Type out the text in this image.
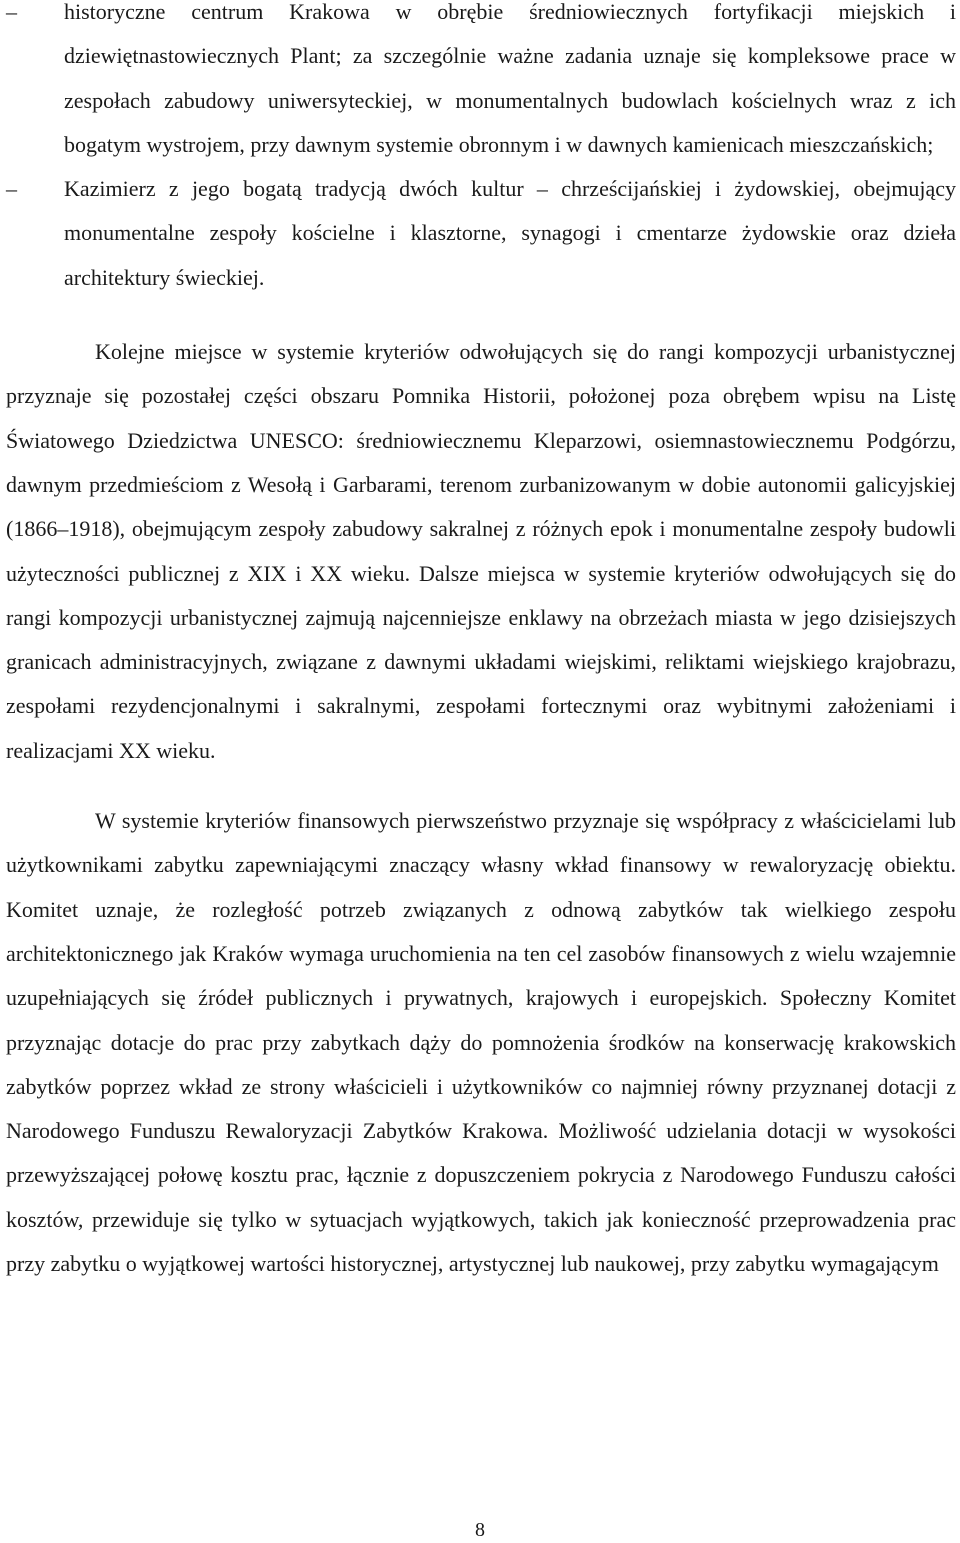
–	historyczne centrum Krakowa w obrębie średniowiecznych fortyfikacji miejskich i dziewiętnastowiecznych Plant; za szczególnie ważne zadania uznaje się kompleksowe prace w zespołach zabudowy uniwersyteckiej, w monumentalnych budowlach kościelnych wraz z ich bogatym wystrojem, przy dawnym systemie obronnym i w dawnych kamienicach mieszczańskich;
–	Kazimierz z jego bogatą tradycją dwóch kultur – chrześcijańskiej i żydowskiej, obejmujący monumentalne zespoły kościelne i klasztorne, synagogi i cmentarze żydowskie oraz dzieła architektury świeckiej.

Kolejne miejsce w systemie kryteriów odwołujących się do rangi kompozycji urbanistycznej przyznaje się pozostałej części obszaru Pomnika Historii, położonej poza obrębem wpisu na Listę Światowego Dziedzictwa UNESCO: średniowiecznemu Kleparzowi, osiemnastowiecznemu Podgórzu, dawnym przedmieściom z Wesołą i Garbarami, terenom zurbanizowanym w dobie autonomii galicyjskiej (1866–1918), obejmującym zespoły zabudowy sakralnej z różnych epok i monumentalne zespoły budowli użyteczności publicznej z XIX i XX wieku. Dalsze miejsca w systemie kryteriów odwołujących się do rangi kompozycji urbanistycznej zajmują najcenniejsze enklawy na obrzeżach miasta w jego dzisiejszych granicach administracyjnych, związane z dawnymi układami wiejskimi, reliktami wiejskiego krajobrazu, zespołami rezydencjonalnymi i sakralnymi, zespołami fortecznymi oraz wybitnymi założeniami i realizacjami XX wieku.

W systemie kryteriów finansowych pierwszeństwo przyznaje się współpracy z właścicielami lub użytkownikami zabytku zapewniającymi znaczący własny wkład finansowy w rewaloryzację obiektu. Komitet uznaje, że rozległość potrzeb związanych z odnową zabytków tak wielkiego zespołu architektonicznego jak Kraków wymaga uruchomienia na ten cel zasobów finansowych z wielu wzajemnie uzupełniających się źródeł publicznych i prywatnych, krajowych i europejskich. Społeczny Komitet przyznając dotacje do prac przy zabytkach dąży do pomnożenia środków na konserwację krakowskich zabytków poprzez wkład ze strony właścicieli i użytkowników co najmniej równy przyznanej dotacji z Narodowego Funduszu Rewaloryzacji Zabytków Krakowa. Możliwość udzielania dotacji w wysokości przewyższającej połowę kosztu prac, łącznie z dopuszczeniem pokrycia z Narodowego Funduszu całości kosztów, przewiduje się tylko w sytuacjach wyjątkowych, takich jak konieczność przeprowadzenia prac przy zabytku o wyjątkowej wartości historycznej, artystycznej lub naukowej, przy zabytku wymagającym

8
